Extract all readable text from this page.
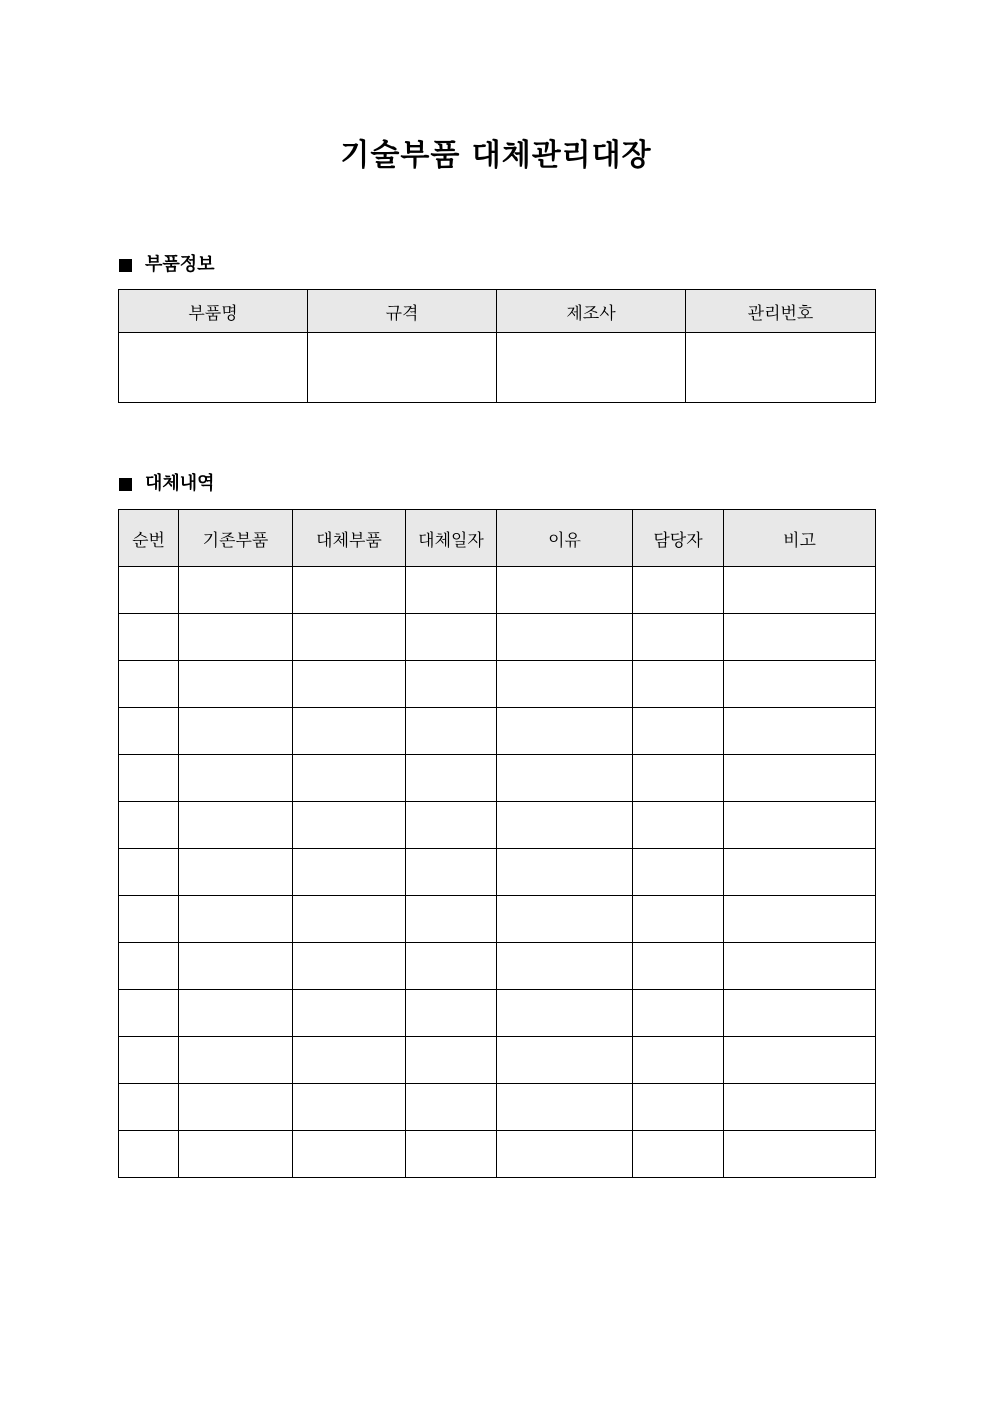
기술부품 대체관리대장
부품정보
부품명	규격	제조사	관리번호

대체내역
순번	기존부품	대체부품	대체일자	이유	담당자	비고
